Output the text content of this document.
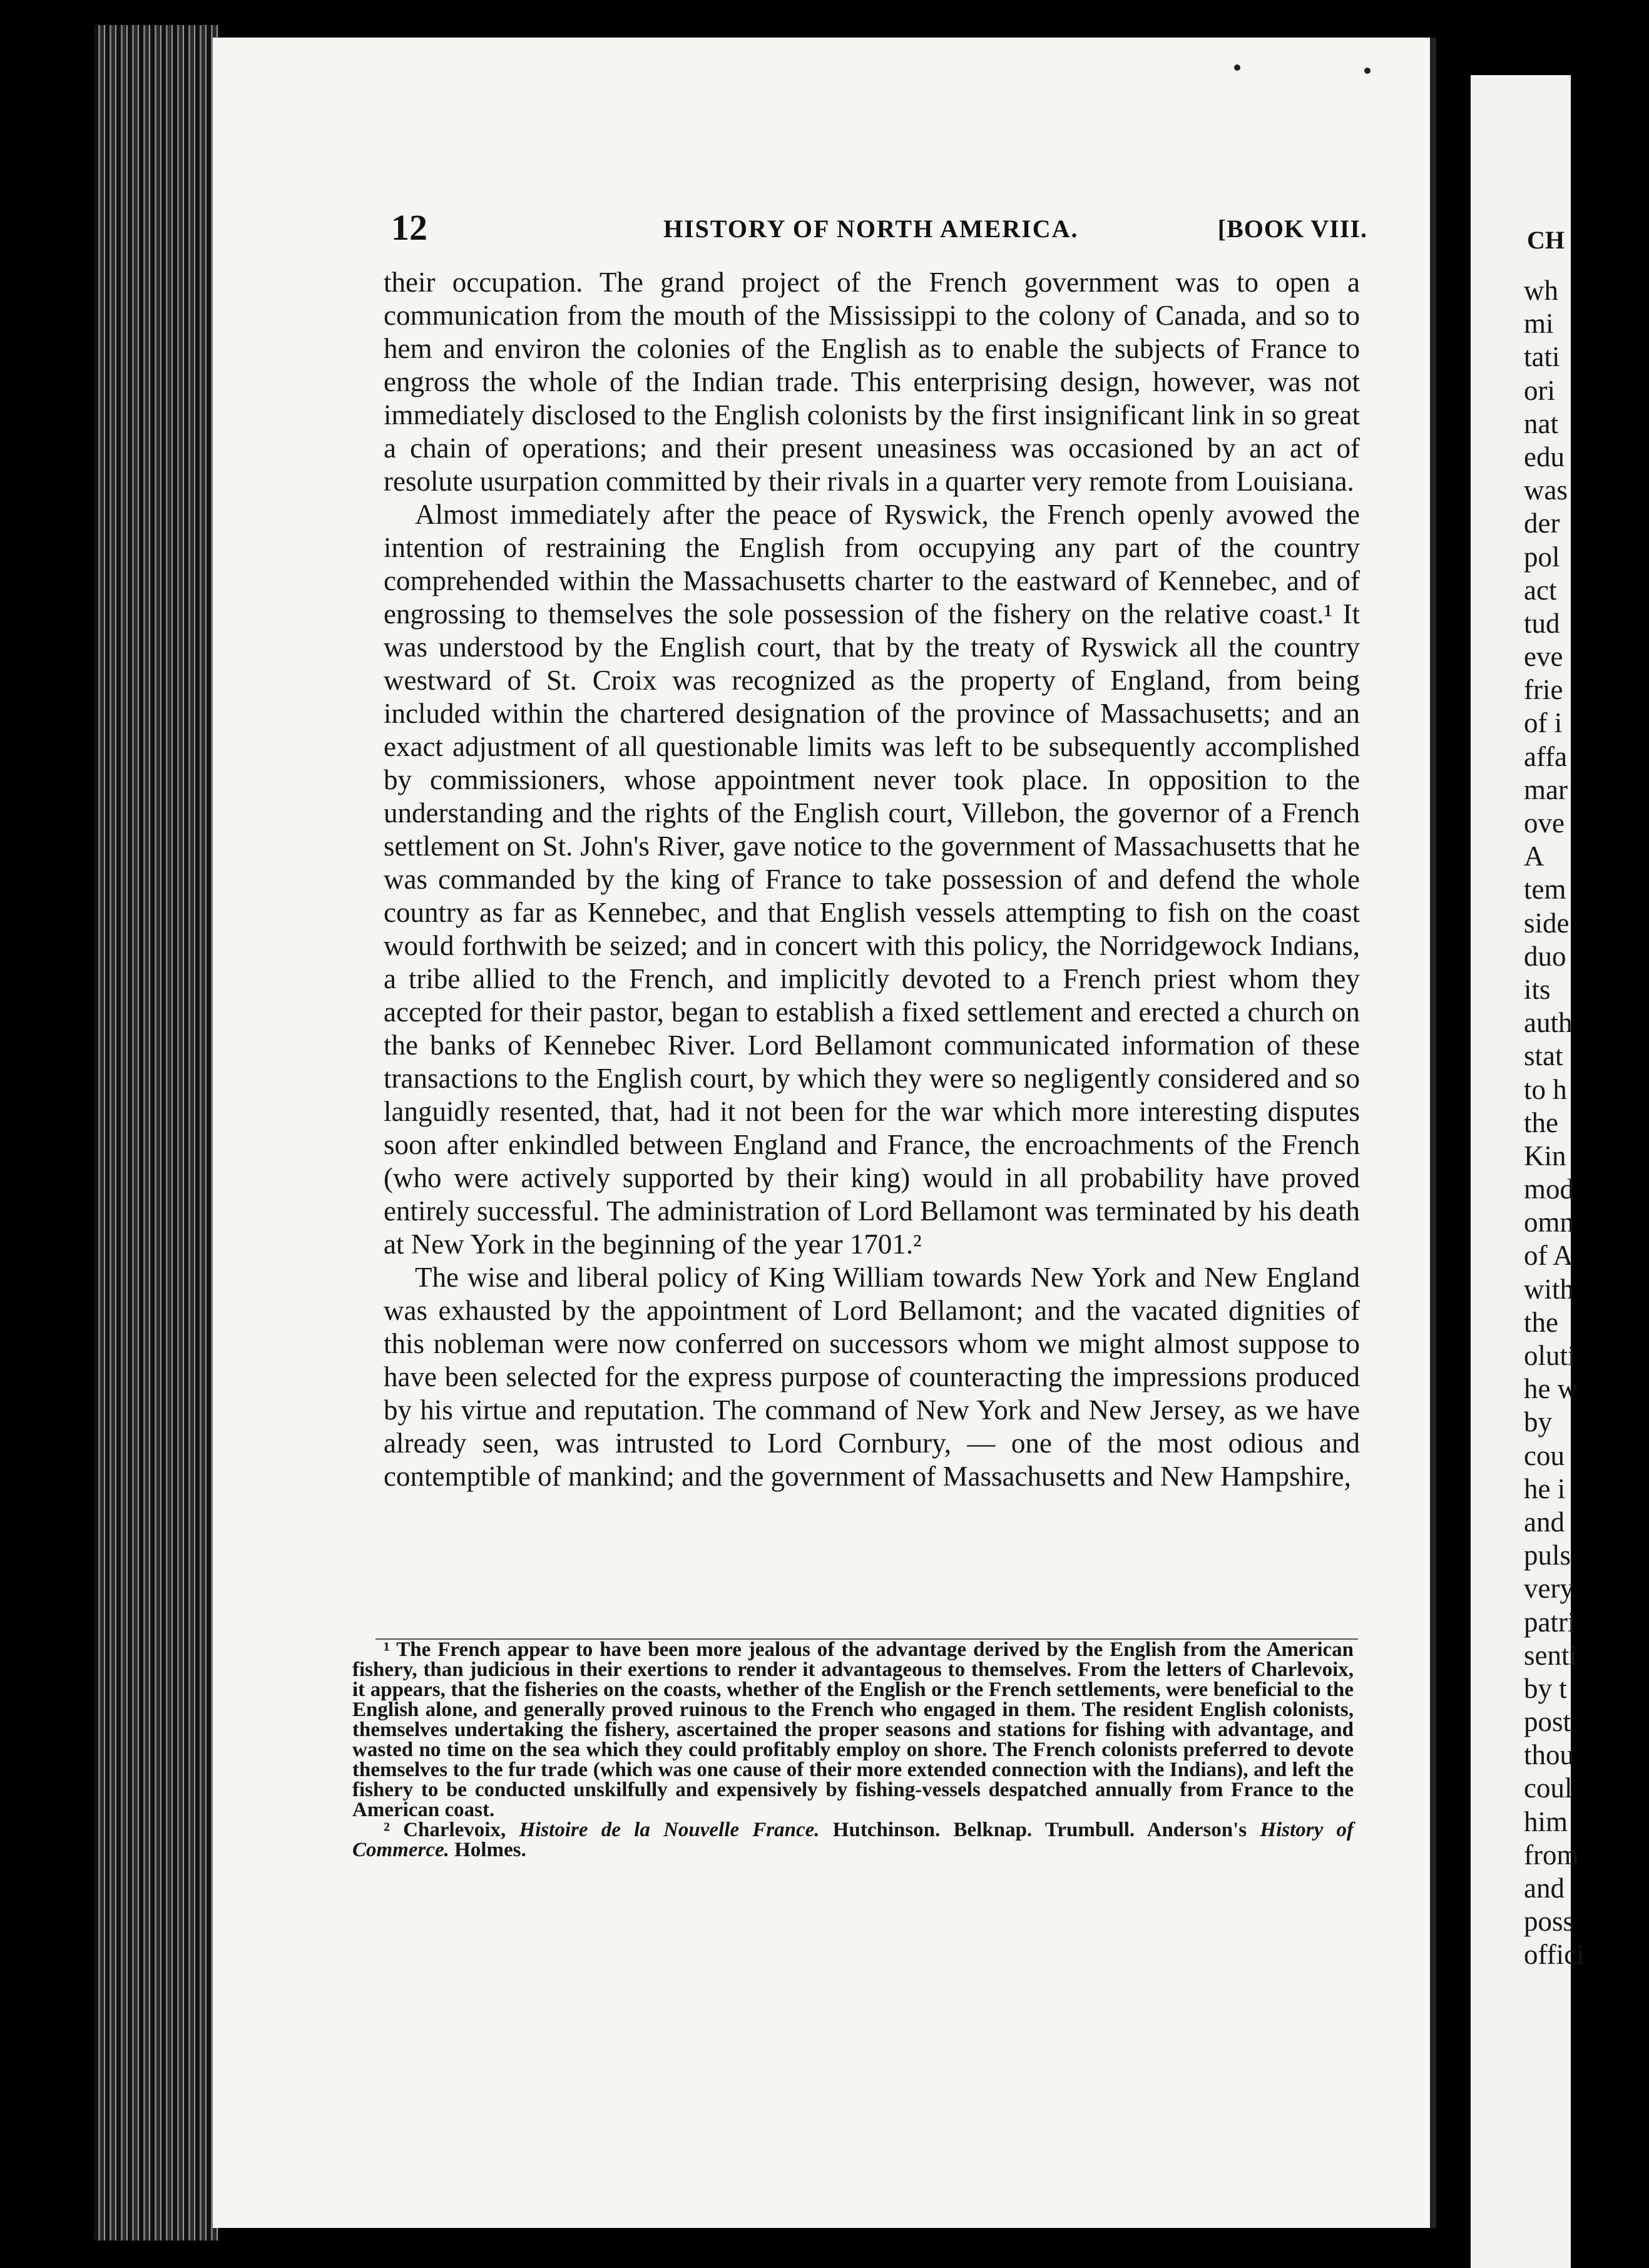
12	HISTORY OF NORTH AMERICA.	[BOOK VIII.

their occupation. The grand project of the French government was to open a communication from the mouth of the Mississippi to the colony of Canada, and so to hem and environ the colonies of the English as to enable the subjects of France to engross the whole of the Indian trade. This enterprising design, however, was not immediately disclosed to the English colonists by the first insignificant link in so great a chain of operations; and their present uneasiness was occasioned by an act of resolute usurpation committed by their rivals in a quarter very remote from Louisiana.

Almost immediately after the peace of Ryswick, the French openly avowed the intention of restraining the English from occupying any part of the country comprehended within the Massachusetts charter to the eastward of Kennebec, and of engrossing to themselves the sole possession of the fishery on the relative coast.¹ It was understood by the English court, that by the treaty of Ryswick all the country westward of St. Croix was recognized as the property of England, from being included within the chartered designation of the province of Massachusetts; and an exact adjustment of all questionable limits was left to be subsequently accomplished by commissioners, whose appointment never took place. In opposition to the understanding and the rights of the English court, Villebon, the governor of a French settlement on St. John's River, gave notice to the government of Massachusetts that he was commanded by the king of France to take possession of and defend the whole country as far as Kennebec, and that English vessels attempting to fish on the coast would forthwith be seized; and in concert with this policy, the Norridgewock Indians, a tribe allied to the French, and implicitly devoted to a French priest whom they accepted for their pastor, began to establish a fixed settlement and erected a church on the banks of Kennebec River. Lord Bellamont communicated information of these transactions to the English court, by which they were so negligently considered and so languidly resented, that, had it not been for the war which more interesting disputes soon after enkindled between England and France, the encroachments of the French (who were actively supported by their king) would in all probability have proved entirely successful. The administration of Lord Bellamont was terminated by his death at New York in the beginning of the year 1701.²

The wise and liberal policy of King William towards New York and New England was exhausted by the appointment of Lord Bellamont; and the vacated dignities of this nobleman were now conferred on successors whom we might almost suppose to have been selected for the express purpose of counteracting the impressions produced by his virtue and reputation. The command of New York and New Jersey, as we have already seen, was intrusted to Lord Cornbury, — one of the most odious and contemptible of mankind; and the government of Massachusetts and New Hampshire,

¹ The French appear to have been more jealous of the advantage derived by the English from the American fishery, than judicious in their exertions to render it advantageous to themselves. From the letters of Charlevoix, it appears, that the fisheries on the coasts, whether of the English or the French settlements, were beneficial to the English alone, and generally proved ruinous to the French who engaged in them. The resident English colonists, themselves undertaking the fishery, ascertained the proper seasons and stations for fishing with advantage, and wasted no time on the sea which they could profitably employ on shore. The French colonists preferred to devote themselves to the fur trade (which was one cause of their more extended connection with the Indians), and left the fishery to be conducted unskilfully and expensively by fishing-vessels despatched annually from France to the American coast.

² Charlevoix, Histoire de la Nouvelle France. Hutchinson. Belknap. Trumbull. Anderson's History of Commerce. Holmes.

CH
wh
mi
tati
ori
nat
edu
was
der
pol
act
tud
eve
frie
of i
affa
mar
ove
A
tem
side
duo
its
auth
stat
to h
the
Kin
mod
omn
of A
with
the
oluti
he w
by
cou
he i
and
puls
very
patri
senti
by t
post
thou
coul
him
from
and
poss
offici
